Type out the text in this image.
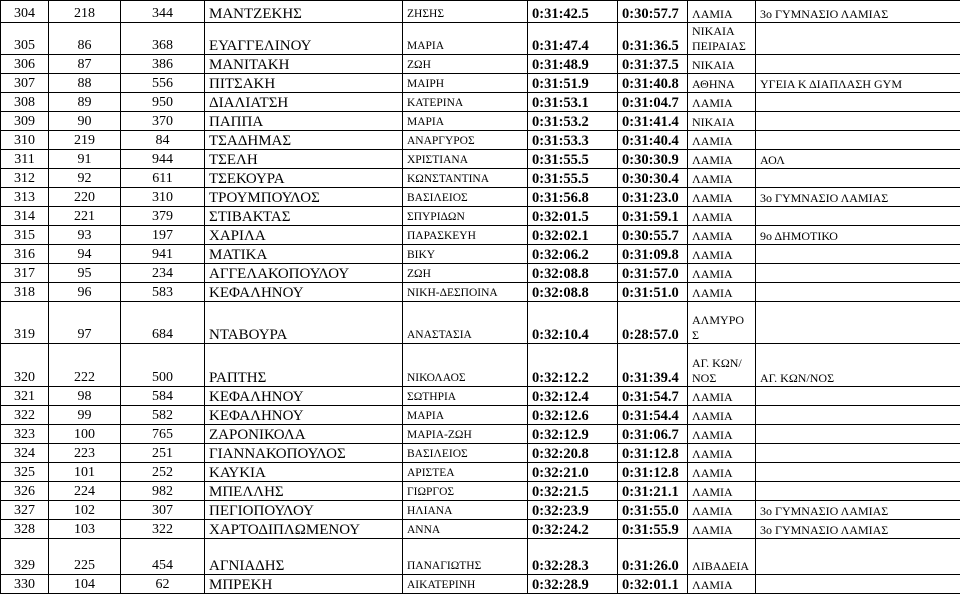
304	218	344	ΜΑΝΤΖΕΚΗΣ	ΖΗΣΗΣ	0:31:42.5	0:30:57.7	ΛΑΜΙΑ	3ο ΓΥΜΝΑΣΙΟ ΛΑΜΙΑΣ

305	86	368	ΕΥΑΓΓΕΛΙΝΟΥ	ΜΑΡΙΑ	0:31:47.4	0:31:36.5	ΝΙΚΑΙΑ ΠΕΙΡΑΙΑΣ	

306	87	386	ΜΑΝΙΤΑΚΗ	ΖΩΗ	0:31:48.9	0:31:37.5	ΝΙΚΑΙΑ	

307	88	556	ΠΙΤΣΑΚΗ	ΜΑΙΡΗ	0:31:51.9	0:31:40.8	ΑΘΗΝΑ	ΥΓΕΙΑ Κ ΔΙΑΠΛΑΣΗ GYM

308	89	950	ΔΙΑΛΙΑΤΣΗ	ΚΑΤΕΡΙΝΑ	0:31:53.1	0:31:04.7	ΛΑΜΙΑ	

309	90	370	ΠΑΠΠΑ	ΜΑΡΙΑ	0:31:53.2	0:31:41.4	ΝΙΚΑΙΑ	

310	219	84	ΤΣΑΔΗΜΑΣ	ΑΝΑΡΓΥΡΟΣ	0:31:53.3	0:31:40.4	ΛΑΜΙΑ	

311	91	944	ΤΣΕΛΗ	ΧΡΙΣΤΙΑΝΑ	0:31:55.5	0:30:30.9	ΛΑΜΙΑ	ΑΟΛ

312	92	611	ΤΣΕΚΟΥΡΑ	ΚΩΝΣΤΑΝΤΙΝΑ	0:31:55.5	0:30:30.4	ΛΑΜΙΑ	

313	220	310	ΤΡΟΥΜΠΟΥΛΟΣ	ΒΑΣΙΛΕΙΟΣ	0:31:56.8	0:31:23.0	ΛΑΜΙΑ	3ο ΓΥΜΝΑΣΙΟ ΛΑΜΙΑΣ

314	221	379	ΣΤΙΒΑΚΤΑΣ	ΣΠΥΡΙΔΩΝ	0:32:01.5	0:31:59.1	ΛΑΜΙΑ	

315	93	197	ΧΑΡΙΛΑ	ΠΑΡΑΣΚΕΥΗ	0:32:02.1	0:30:55.7	ΛΑΜΙΑ	9ο ΔΗΜΟΤΙΚΟ

316	94	941	ΜΑΤΙΚΑ	ΒΙΚΥ	0:32:06.2	0:31:09.8	ΛΑΜΙΑ	

317	95	234	ΑΓΓΕΛΑΚΟΠΟΥΛΟΥ	ΖΩΗ	0:32:08.8	0:31:57.0	ΛΑΜΙΑ	

318	96	583	ΚΕΦΑΛΗΝΟΥ	ΝΙΚΗ-ΔΕΣΠΟΙΝΑ	0:32:08.8	0:31:51.0	ΛΑΜΙΑ	

319	97	684	ΝΤΑΒΟΥΡΑ	ΑΝΑΣΤΑΣΙΑ	0:32:10.4	0:28:57.0	ΑΛΜΥΡΟ Σ	

320	222	500	ΡΑΠΤΗΣ	ΝΙΚΟΛΑΟΣ	0:32:12.2	0:31:39.4	ΑΓ. ΚΩΝ/ΝΟΣ	ΑΓ. ΚΩΝ/ΝΟΣ

321	98	584	ΚΕΦΑΛΗΝΟΥ	ΣΩΤΗΡΙΑ	0:32:12.4	0:31:54.7	ΛΑΜΙΑ	

322	99	582	ΚΕΦΑΛΗΝΟΥ	ΜΑΡΙΑ	0:32:12.6	0:31:54.4	ΛΑΜΙΑ	

323	100	765	ΖΑΡΟΝΙΚΟΛΑ	ΜΑΡΙΑ-ΖΩΗ	0:32:12.9	0:31:06.7	ΛΑΜΙΑ	

324	223	251	ΓΙΑΝΝΑΚΟΠΟΥΛΟΣ	ΒΑΣΙΛΕΙΟΣ	0:32:20.8	0:31:12.8	ΛΑΜΙΑ	

325	101	252	ΚΑΥΚΙΑ	ΑΡΙΣΤΕΑ	0:32:21.0	0:31:12.8	ΛΑΜΙΑ	

326	224	982	ΜΠΕΛΛΗΣ	ΓΙΩΡΓΟΣ	0:32:21.5	0:31:21.1	ΛΑΜΙΑ	

327	102	307	ΠΕΓΙΟΠΟΥΛΟΥ	ΗΛΙΑΝΑ	0:32:23.9	0:31:55.0	ΛΑΜΙΑ	3ο ΓΥΜΝΑΣΙΟ ΛΑΜΙΑΣ

328	103	322	ΧΑΡΤΟΔΙΠΛΩΜΕΝΟΥ	ΑΝΝΑ	0:32:24.2	0:31:55.9	ΛΑΜΙΑ	3ο ΓΥΜΝΑΣΙΟ ΛΑΜΙΑΣ

329	225	454	ΑΓΝΙΑΔΗΣ	ΠΑΝΑΓΙΩΤΗΣ	0:32:28.3	0:31:26.0	ΛΙΒΑΔΕΙΑ	

330	104	62	ΜΠΡΕΚΗ	ΑΙΚΑΤΕΡΙΝΗ	0:32:28.9	0:32:01.1	ΛΑΜΙΑ	
